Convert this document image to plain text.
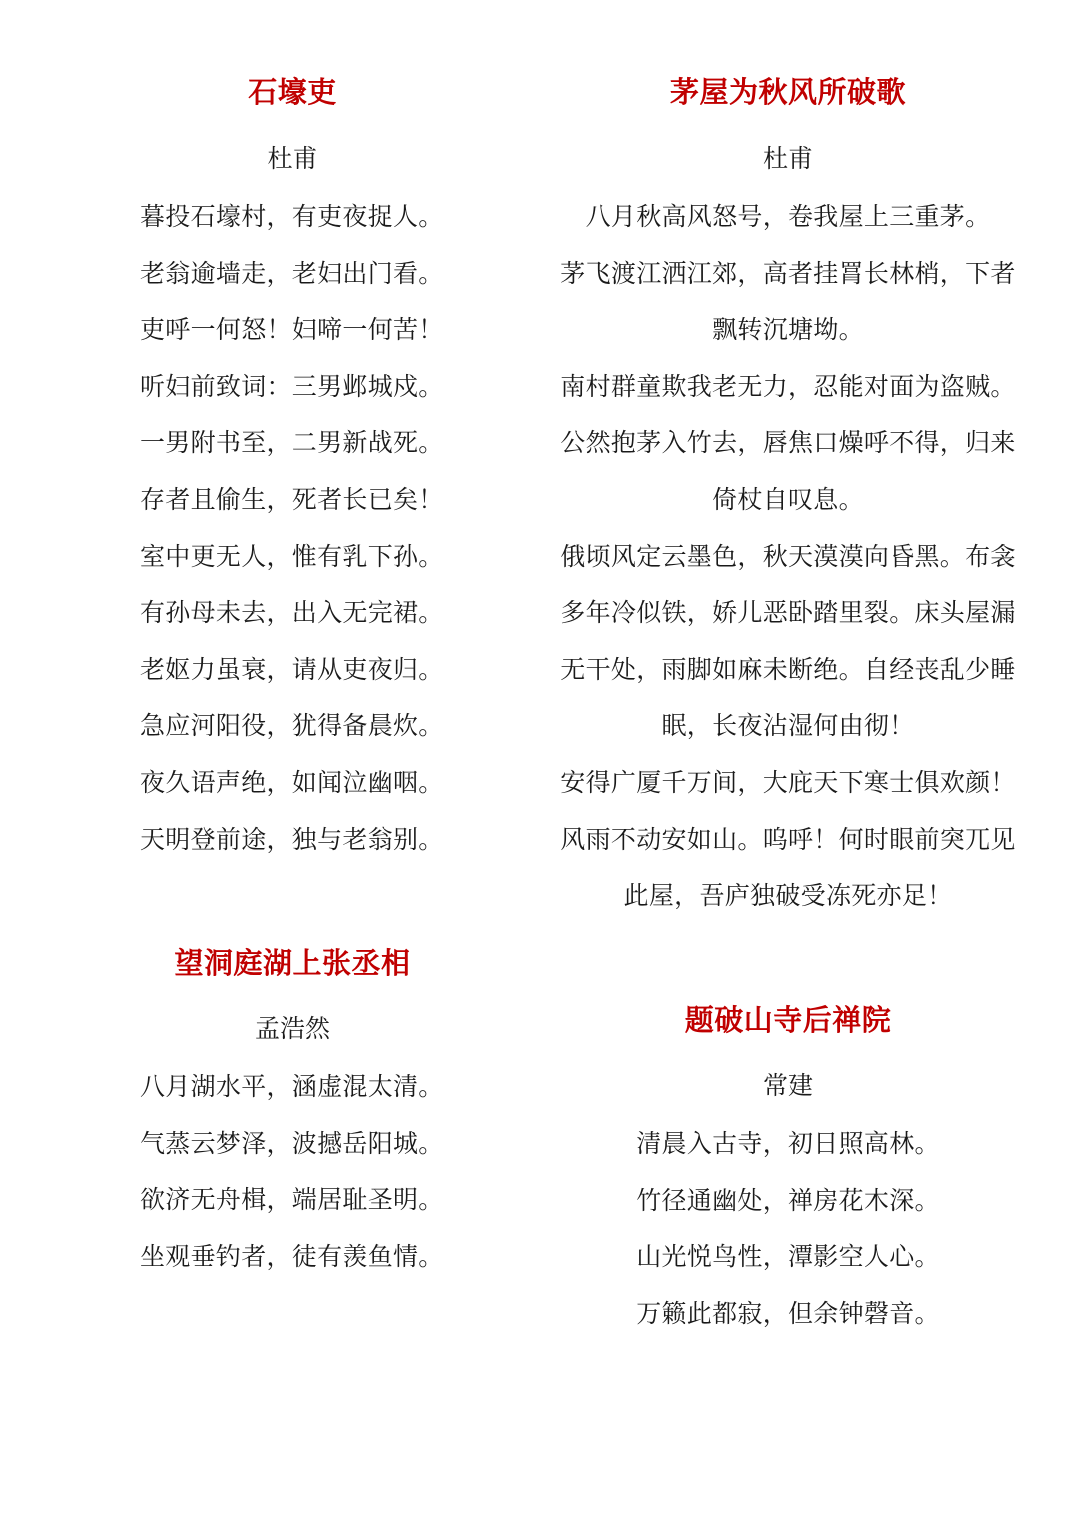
石壕吏
杜甫
暮投石壕村，有吏夜捉人。
老翁逾墙走，老妇出门看。
吏呼一何怒！妇啼一何苦！
听妇前致词：三男邺城戍。
一男附书至，二男新战死。
存者且偷生，死者长已矣！
室中更无人，惟有乳下孙。
有孙母未去，出入无完裙。
老妪力虽衰，请从吏夜归。
急应河阳役，犹得备晨炊。
夜久语声绝，如闻泣幽咽。
天明登前途，独与老翁别。
茅屋为秋风所破歌
杜甫
八月秋高风怒号，卷我屋上三重茅。
茅飞渡江洒江郊，高者挂罥长林梢，下者
飘转沉塘坳。
南村群童欺我老无力，忍能对面为盗贼。
公然抱茅入竹去，唇焦口燥呼不得，归来
倚杖自叹息。
俄顷风定云墨色，秋天漠漠向昏黑。布衾
多年冷似铁，娇儿恶卧踏里裂。床头屋漏
无干处，雨脚如麻未断绝。自经丧乱少睡
眠，长夜沾湿何由彻！
安得广厦千万间，大庇天下寒士俱欢颜！
风雨不动安如山。呜呼！何时眼前突兀见
此屋，吾庐独破受冻死亦足！
望洞庭湖上张丞相
孟浩然
八月湖水平，涵虚混太清。
气蒸云梦泽，波撼岳阳城。
欲济无舟楫，端居耻圣明。
坐观垂钓者，徒有羡鱼情。
题破山寺后禅院
常建
清晨入古寺，初日照高林。
竹径通幽处，禅房花木深。
山光悦鸟性，潭影空人心。
万籁此都寂，但余钟磬音。
